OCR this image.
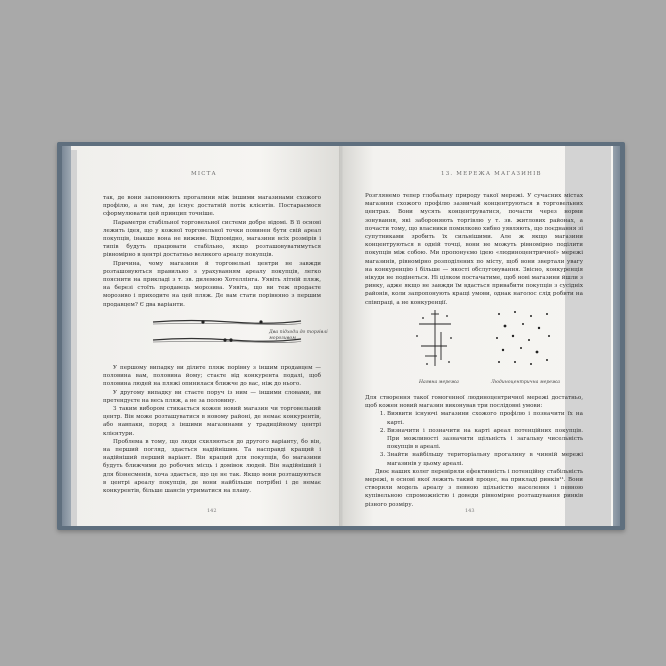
МІСТА

так, де вони заповнюють прогалини між іншими магазинами схожого профілю, а не там, де існує достатній потік клієнтів. Постараємося сформулювати цей принцип точніше.

Параметри стабільної торговельної системи добре відомі. В її основі лежить ідея, що у кожної торговельної точки повинен бути свій ареал покупців, інакше вона не виживе. Відповідно, магазини всіх розмірів і типів будуть працювати стабільно, якщо розташовуватимуться рівномірно в центрі достатньо великого ареалу покупців.

Причина, чому магазини й торговельні центри не завжди розташовуються правильно з урахуванням ареалу покупців, легко пояснити на прикладі з т. зв. дилемою Хотеллінга. Уявіть літній пляж, на березі стоїть продавець морозива. Уявіть, що ви теж продаєте морозиво і приходите на цей пляж. Де вам стати порівняно з першим продавцем? Є два варіанти.

Два підходи до торгівлі морозивом

У першому випадку ви ділите пляж порівну з іншим продавцем — половина вам, половина йому; стаєте від конкурента подалі, щоб половина людей на пляжі опинилася ближче до вас, ніж до нього.

У другому випадку ви стаєте поруч із ним — іншими словами, ви претендуєте на весь пляж, а не за половину.

З таким вибором стикається кожен новий магазин чи торговельний центр. Він може розташуватися в новому районі, де немає конкурентів, або навпаки, поряд з іншими магазинами у традиційному центрі клієнтури.

Проблема в тому, що люди схиляються до другого варіанту, бо він, на перший погляд, здається надійнішим. Та насправді кращий і надійніший перший варіант. Він кращий для покупців, бо магазини будуть ближчими до робочих місць і домівок людей. Він надійніший і для бізнесменів, хоча здається, що це не так. Якщо вони розташуються в центрі ареалу покупців, де вони найбільше потрібні і де немає конкурентів, більше шансів утриматися на плаву.

142
13. МЕРЕЖА МАГАЗИНІВ

Розглянемо тепер глобальну природу такої мережі. У сучасних містах магазини схожого профілю зазвичай концентруються в торговельних центрах. Вони мусять концентруватися, почасти через норми зонування, які забороняють торгівлю у т. зв. житлових районах, а почасти тому, що власники помилково хибно уявляють, що поєднання зі супутниками зробить їх сильнішими. Але ж якщо магазини концентруються в одній точці, вони не можуть рівномірно поділити покупців між собою. Ми пропонуємо ідею «людиноцентричної» мережі магазинів, рівномірно розподілених по місту, щоб вони звертали увагу на конкуренцію і більше — якості обслуговування. Звісно, конкуренція нікуди не подінеться. Ні цілком постачатиме, щоб нові магазини йшли з ринку, адже якщо не завжди їм вдасться привабити покупців з сусідніх районів, коли запропонують кращі умови, однак наголос слід робити на співпраці, а не конкуренції.

Наявна мережа	Людиноцентрична мережа

Для створення такої гомогенної людиноцентричної мережі достатньо, щоб кожен новий магазин виконував три послідовні умови:

1. Виявити існуючі магазини схожого профілю і позначити їх на карті.
2. Визначити і позначити на карті ареал потенційних покупців. При можливості зазначити щільність і загальну чисельність покупців в ареалі.
3. Знайти найбільшу територіальну прогалину в чинній мережі магазинів у цьому ареалі.

Двоє наших колег перевіряли ефективність і потенційну стабільність мережі, в основі якої лежить такий процес, на прикладі ринків¹¹. Вони створили модель ареалу з певною щільністю населення і певною купівельною спроможністю і доведи рівномірне розташування ринків різного розміру.

143
